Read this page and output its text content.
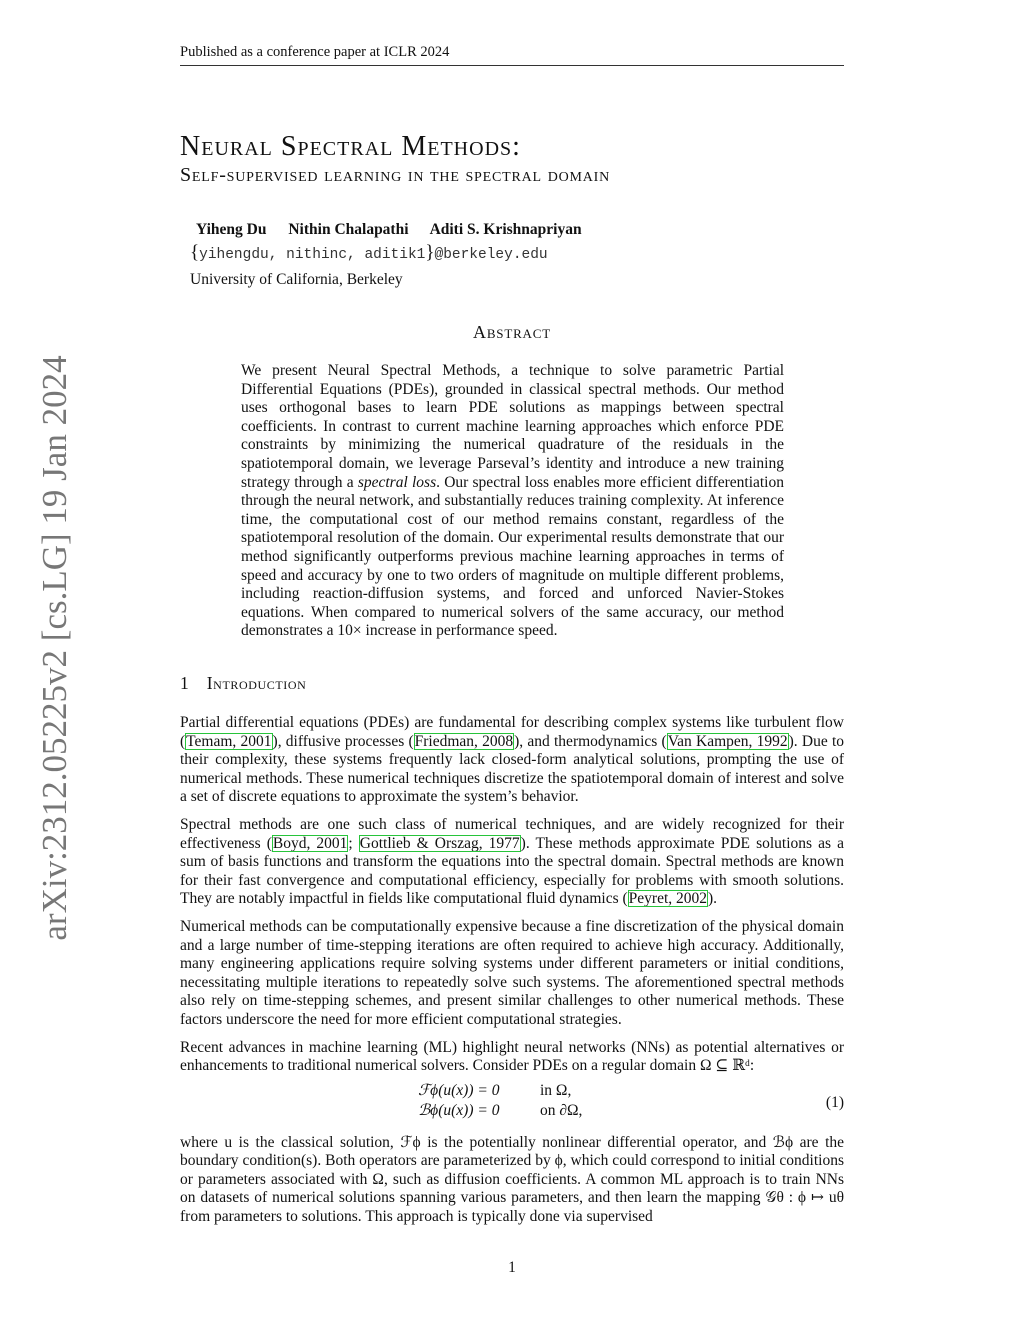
Published as a conference paper at ICLR 2024
arXiv:2312.05225v2 [cs.LG] 19 Jan 2024
Neural Spectral Methods:
Self-supervised learning in the spectral domain
Yiheng Du Nithin Chalapathi Aditi S. Krishnapriyan
{yihengdu, nithinc, aditik1}@berkeley.edu
University of California, Berkeley
Abstract
We present Neural Spectral Methods, a technique to solve parametric Partial Differential Equations (PDEs), grounded in classical spectral methods. Our method uses orthogonal bases to learn PDE solutions as mappings between spectral coefficients. In contrast to current machine learning approaches which enforce PDE constraints by minimizing the numerical quadrature of the residuals in the spatiotemporal domain, we leverage Parseval’s identity and introduce a new training strategy through a spectral loss. Our spectral loss enables more efficient differentiation through the neural network, and substantially reduces training complexity. At inference time, the computational cost of our method remains constant, regardless of the spatiotemporal resolution of the domain. Our experimental results demonstrate that our method significantly outperforms previous machine learning approaches in terms of speed and accuracy by one to two orders of magnitude on multiple different problems, including reaction-diffusion systems, and forced and unforced Navier-Stokes equations. When compared to numerical solvers of the same accuracy, our method demonstrates a 10× increase in performance speed.
1 Introduction

Partial differential equations (PDEs) are fundamental for describing complex systems like turbulent flow (Temam, 2001), diffusive processes (Friedman, 2008), and thermodynamics (Van Kampen, 1992). Due to their complexity, these systems frequently lack closed-form analytical solutions, prompting the use of numerical methods. These numerical techniques discretize the spatiotemporal domain of interest and solve a set of discrete equations to approximate the system’s behavior.

Spectral methods are one such class of numerical techniques, and are widely recognized for their effectiveness (Boyd, 2001; Gottlieb & Orszag, 1977). These methods approximate PDE solutions as a sum of basis functions and transform the equations into the spectral domain. Spectral methods are known for their fast convergence and computational efficiency, especially for problems with smooth solutions. They are notably impactful in fields like computational fluid dynamics (Peyret, 2002).

Numerical methods can be computationally expensive because a fine discretization of the physical domain and a large number of time-stepping iterations are often required to achieve high accuracy. Additionally, many engineering applications require solving systems under different parameters or initial conditions, necessitating multiple iterations to repeatedly solve such systems. The aforementioned spectral methods also rely on time-stepping schemes, and present similar challenges to other numerical methods. These factors underscore the need for more efficient computational strategies.

Recent advances in machine learning (ML) highlight neural networks (NNs) as potential alternatives or enhancements to traditional numerical solvers. Consider PDEs on a regular domain Ω ⊆ ℝᵈ:

ℱϕ(u(x)) = 0	in Ω,
ℬϕ(u(x)) = 0	on ∂Ω,	(1)

where u is the classical solution, ℱϕ is the potentially nonlinear differential operator, and ℬϕ are the boundary condition(s). Both operators are parameterized by ϕ, which could correspond to initial conditions or parameters associated with Ω, such as diffusion coefficients. A common ML approach is to train NNs on datasets of numerical solutions spanning various parameters, and then learn the mapping 𝒢θ : ϕ ↦ uθ from parameters to solutions. This approach is typically done via supervised

1
